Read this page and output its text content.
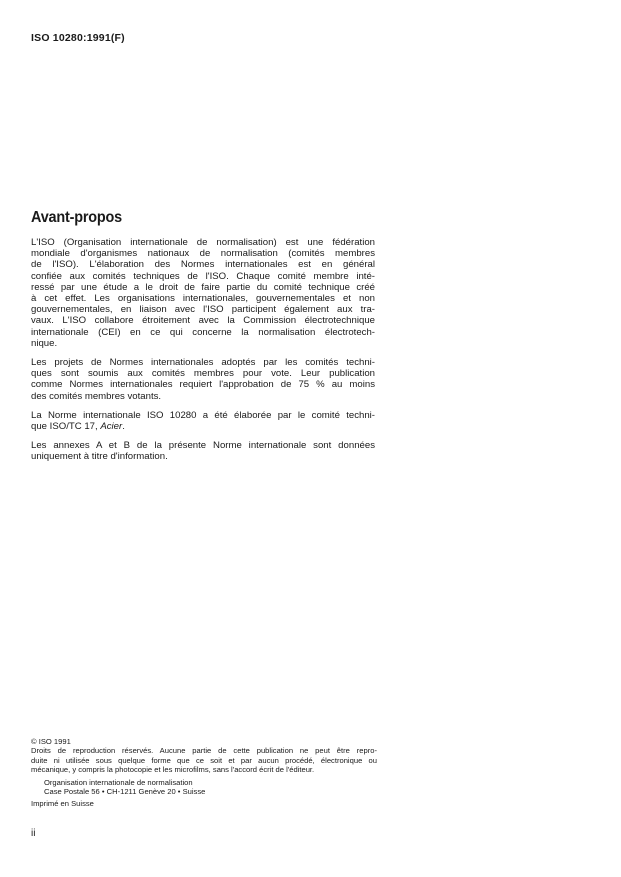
ISO 10280:1991(F)
Avant-propos

L'ISO (Organisation internationale de normalisation) est une fédération
mondiale d'organismes nationaux de normalisation (comités membres
de l'ISO). L'élaboration des Normes internationales est en général
confiée aux comités techniques de l'ISO. Chaque comité membre inté-
ressé par une étude a le droit de faire partie du comité technique créé
à cet effet. Les organisations internationales, gouvernementales et non
gouvernementales, en liaison avec l'ISO participent également aux tra-
vaux. L'ISO collabore étroitement avec la Commission électrotechnique
internationale (CEI) en ce qui concerne la normalisation électrotech-
nique.

Les projets de Normes internationales adoptés par les comités techni-
ques sont soumis aux comités membres pour vote. Leur publication
comme Normes internationales requiert l'approbation de 75 % au moins
des comités membres votants.

La Norme internationale ISO 10280 a été élaborée par le comité techni-
que ISO/TC 17, Acier.

Les annexes A et B de la présente Norme internationale sont données
uniquement à titre d'information.

© ISO 1991
Droits de reproduction réservés. Aucune partie de cette publication ne peut être repro-
duite ni utilisée sous quelque forme que ce soit et par aucun procédé, électronique ou
mécanique, y compris la photocopie et les microfilms, sans l'accord écrit de l'éditeur.
Organisation internationale de normalisation
Case Postale 56 • CH-1211 Genève 20 • Suisse
Imprimé en Suisse
ii
